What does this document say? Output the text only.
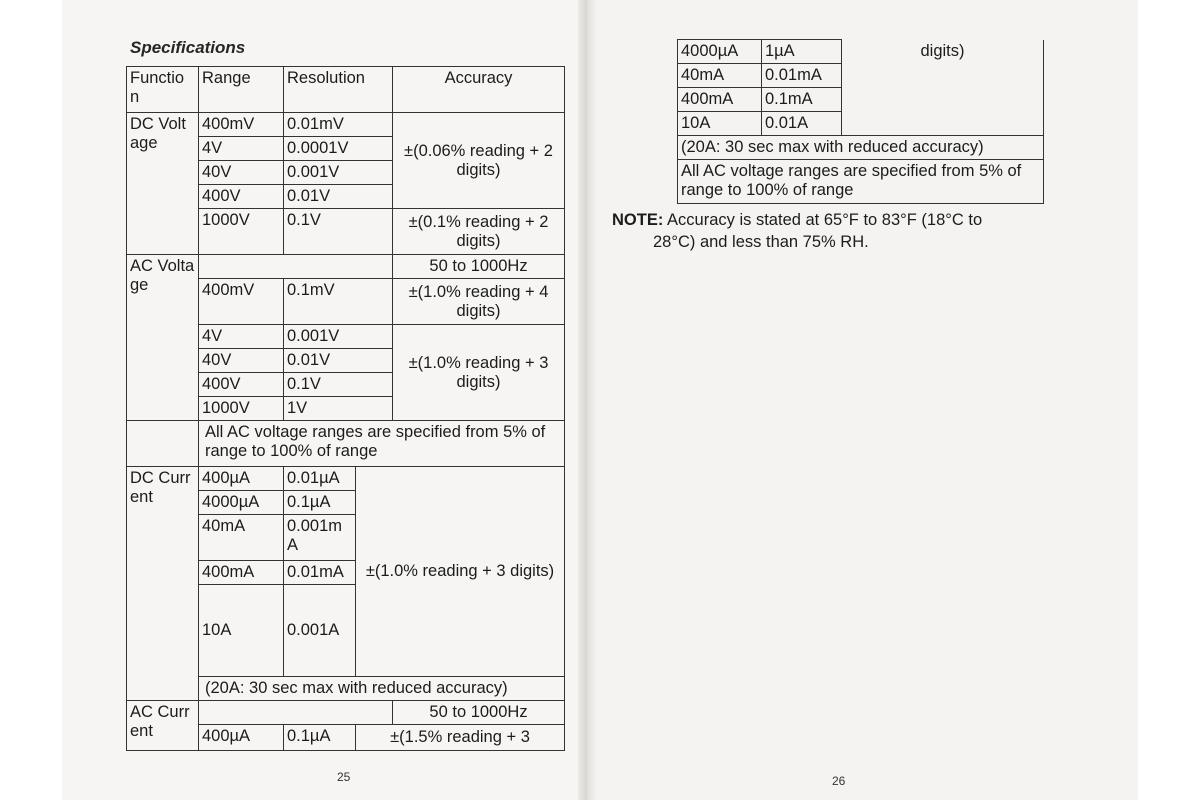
Specifications
Functio n	Range	Resolution		Accuracy
DC Voltage	400mV	0.01mV		±(0.06% reading + 2 digits)
	4V	0.0001V		
	40V	0.001V		
	400V	0.01V		
	1000V	0.1V		±(0.1% reading + 2 digits)
AC Voltage				50 to 1000Hz
	400mV	0.1mV		±(1.0% reading + 4 digits)
	4V	0.001V		±(1.0% reading + 3 digits)
	40V	0.01V		
	400V	0.1V		
	1000V	1V		
	All AC voltage ranges are specified from 5% of range to 100% of range			
DC Current	400µA	0.01µA	±(1.0% reading + 3 digits)	
	4000µA	0.1µA		
	40mA	0.001mA		
	400mA	0.01mA		
	10A	0.001A		
	(20A: 30 sec max with reduced accuracy)			
AC Current				50 to 1000Hz
	400µA	0.1µA	±(1.5% reading + 3	
25
4000µA	1µA	digits)
40mA	0.01mA	
400mA	0.1mA	
10A	0.01A	
(20A: 30 sec max with reduced accuracy)		
All AC voltage ranges are specified from 5% of range to 100% of range		
NOTE: Accuracy is stated at 65°F to 83°F (18°C to
28°C) and less than 75% RH.
26
